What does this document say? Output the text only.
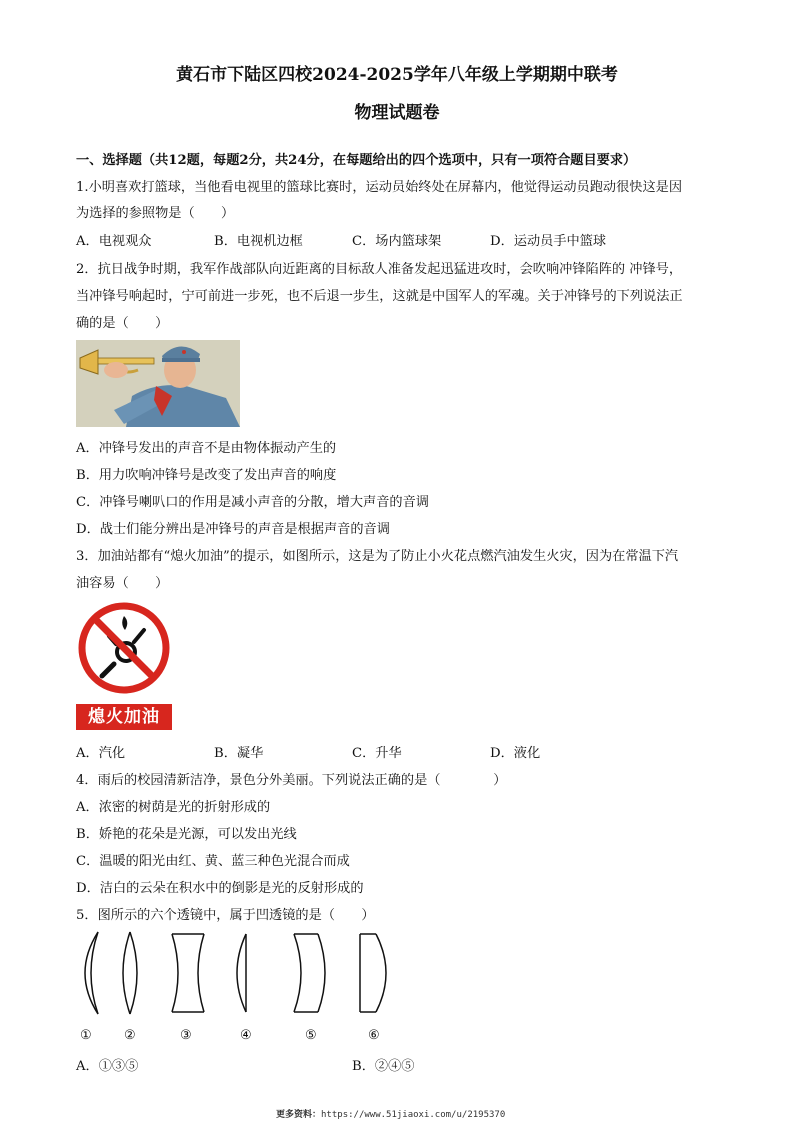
黄石市下陆区四校2024-2025学年八年级上学期期中联考
物理试题卷
一、选择题（共12题，每题2分，共24分，在每题给出的四个选项中，只有一项符合题目要求）
1.小明喜欢打篮球，当他看电视里的篮球比赛时，运动员始终处在屏幕内，他觉得运动员跑动很快这是因
为选择的参照物是（　　）
A．电视观众	B．电视机边框	C．场内篮球架	D．运动员手中篮球
2．抗日战争时期，我军作战部队向近距离的目标敌人准备发起迅猛进攻时，会吹响冲锋陷阵的 冲锋号，
当冲锋号响起时，宁可前进一步死，也不后退一步生，这就是中国军人的军魂。关于冲锋号的下列说法正
确的是（　　）
A．冲锋号发出的声音不是由物体振动产生的
B．用力吹响冲锋号是改变了发出声音的响度
C．冲锋号喇叭口的作用是减小声音的分散，增大声音的音调
D．战士们能分辨出是冲锋号的声音是根据声音的音调
3．加油站都有“熄火加油”的提示，如图所示，这是为了防止小火花点燃汽油发生火灾，因为在常温下汽
油容易（　　）
熄火加油
A．汽化	B．凝华	C．升华	D．液化
4．雨后的校园清新洁净，景色分外美丽。下列说法正确的是（　　　　）
A．浓密的树荫是光的折射形成的
B．娇艳的花朵是光源，可以发出光线
C．温暖的阳光由红、黄、蓝三种色光混合而成
D．洁白的云朵在积水中的倒影是光的反射形成的
5．图所示的六个透镜中，属于凹透镜的是（　　）
① ②	③	④	⑤	⑥
A．①③⑤	B．②④⑤
更多资料：https://www.51jiaoxi.com/u/2195370
